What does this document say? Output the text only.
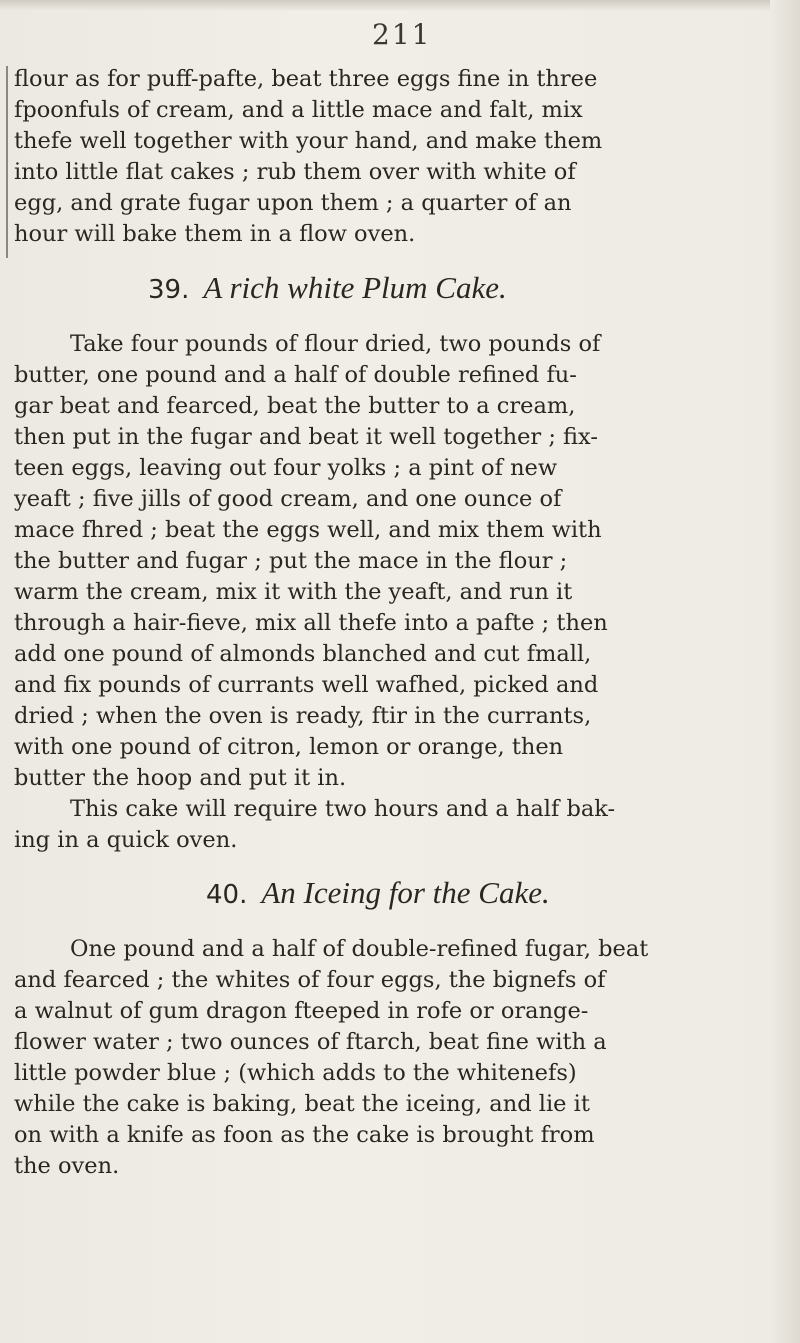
211
flour as for puff-pafte, beat three eggs fine in three
fpoonfuls of cream, and a little mace and falt, mix
thefe well together with your hand, and make them
into little flat cakes ; rub them over with white of
egg, and grate fugar upon them ; a quarter of an
hour will bake them in a flow oven.
39. A rich white Plum Cake.
Take four pounds of flour dried, two pounds of
butter, one pound and a half of double refined fu-
gar beat and fearced, beat the butter to a cream,
then put in the fugar and beat it well together ; fix-
teen eggs, leaving out four yolks ; a pint of new
yeaft ; five jills of good cream, and one ounce of
mace fhred ; beat the eggs well, and mix them with
the butter and fugar ; put the mace in the flour ;
warm the cream, mix it with the yeaft, and run it
through a hair-fieve, mix all thefe into a pafte ; then
add one pound of almonds blanched and cut fmall,
and fix pounds of currants well wafhed, picked and
dried ; when the oven is ready, ftir in the currants,
with one pound of citron, lemon or orange, then
butter the hoop and put it in.
This cake will require two hours and a half bak-
ing in a quick oven.
40. An Iceing for the Cake.
One pound and a half of double-refined fugar, beat
and fearced ; the whites of four eggs, the bignefs of
a walnut of gum dragon fteeped in rofe or orange-
flower water ; two ounces of ftarch, beat fine with a
little powder blue ; (which adds to the whitenefs)
while the cake is baking, beat the iceing, and lie it
on with a knife as foon as the cake is brought from
the oven.
